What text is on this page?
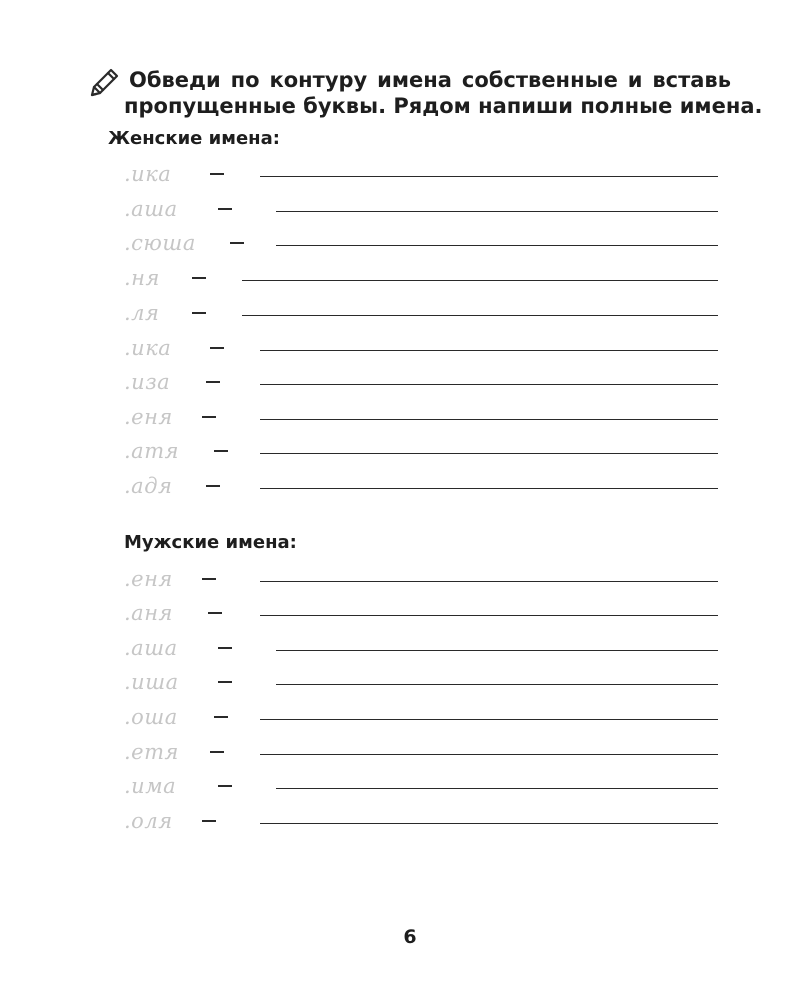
Обведи по контуру имена собственные и вставь
пропущенные буквы. Рядом напиши полные имена.
Женские имена:
.ика
.аша
.сюша
.ня
.ля
.ика
.иза
.еня
.атя
.адя
Мужские имена:
.еня
.аня
.аша
.иша
.оша
.етя
.има
.оля
6
